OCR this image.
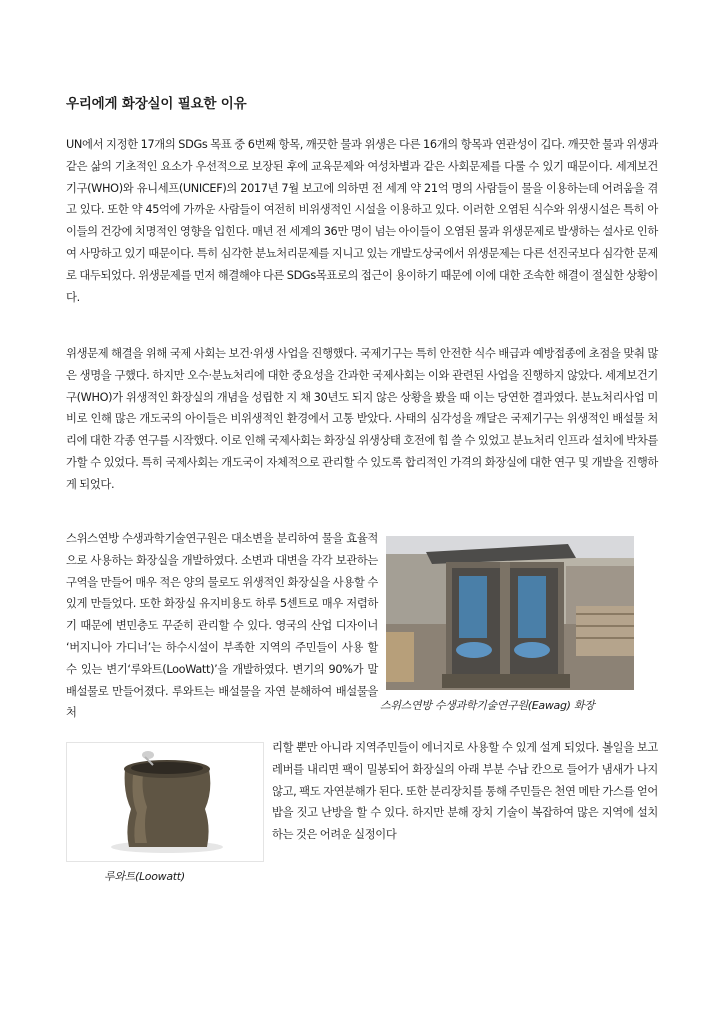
우리에게 화장실이 필요한 이유

UN에서 지정한 17개의 SDGs 목표 중 6번째 항목, 깨끗한 물과 위생은 다른 16개의 항목과 연관성이 깁다. 깨끗한 물과 위생과 같은 삶의 기초적인 요소가 우선적으로 보장된 후에 교육문제와 여성차별과 같은 사회문제를 다룰 수 있기 때문이다. 세계보건기구(WHO)와 유니세프(UNICEF)의 2017년 7월 보고에 의하면 전 세계 약 21억 명의 사람들이 물을 이용하는데 어려움을 겪고 있다. 또한 약 45억에 가까운 사람들이 여전히 비위생적인 시설을 이용하고 있다. 이러한 오염된 식수와 위생시설은 특히 아이들의 건강에 치명적인 영향을 입힌다. 매년 전 세계의 36만 명이 넘는 아이들이 오염된 물과 위생문제로 발생하는 설사로 인하여 사망하고 있기 때문이다. 특히 심각한 분뇨처리문제를 지니고 있는 개발도상국에서 위생문제는 다른 선진국보다 심각한 문제로 대두되었다. 위생문제를 먼저 해결해야 다른 SDGs목표로의 접근이 용이하기 때문에 이에 대한 조속한 해결이 절실한 상황이다.

위생문제 해결을 위해 국제 사회는 보건·위생 사업을 진행했다. 국제기구는 특히 안전한 식수 배급과 예방접종에 초점을 맞춰 많은 생명을 구했다. 하지만 오수·분뇨처리에 대한 중요성을 간과한 국제사회는 이와 관련된 사업을 진행하지 않았다. 세계보건기구(WHO)가 위생적인 화장실의 개념을 성립한 지 채 30년도 되지 않은 상황을 봤을 때 이는 당연한 결과였다. 분뇨처리사업 미비로 인해 많은 개도국의 아이들은 비위생적인 환경에서 고통 받았다. 사태의 심각성을 깨달은 국제기구는 위생적인 배설물 처리에 대한 각종 연구를 시작했다. 이로 인해 국제사회는 화장실 위생상태 호전에 힘 쓸 수 있었고 분뇨처리 인프라 설치에 박차를 가할 수 있었다. 특히 국제사회는 개도국이 자체적으로 관리할 수 있도록 합리적인 가격의 화장실에 대한 연구 및 개발을 진행하게 되었다.

스위스연방 수생과학기술연구원은 대소변을 분리하여 물을 효율적으로 사용하는 화장실을 개발하였다. 소변과 대변을 각각 보관하는 구역을 만들어 매우 적은 양의 물로도 위생적인 화장실을 사용할 수 있게 만들었다. 또한 화장실 유지비용도 하루 5센트로 매우 저렴하기 때문에 변민층도 꾸준히 관리할 수 있다. 영국의 산업 디자이너 ‘버지니아 가디너’는 하수시설이 부족한 지역의 주민들이 사용 할 수 있는 변기‘루와트(LooWatt)’을 개발하였다. 변기의 90%가 말 배설물로 만들어졌다. 루와트는 배설물을 자연 분해하여 배설물을 처

스위스연방 수생과학기술연구원(Eawag) 화장

루와트(Loowatt)

리할 뿐만 아니라 지역주민들이 에너지로 사용할 수 있게 설계 되었다. 볼일을 보고 레버를 내리면 팩이 밀봉되어 화장실의 아래 부분 수납 칸으로 들어가 냄새가 나지 않고, 팩도 자연분해가 된다. 또한 분리장치를 통해 주민들은 천연 메탄 가스를 얻어 밥을 짓고 난방을 할 수 있다. 하지만 분해 장치 기술이 복잡하여 많은 지역에 설치하는 것은 어려운 실정이다
